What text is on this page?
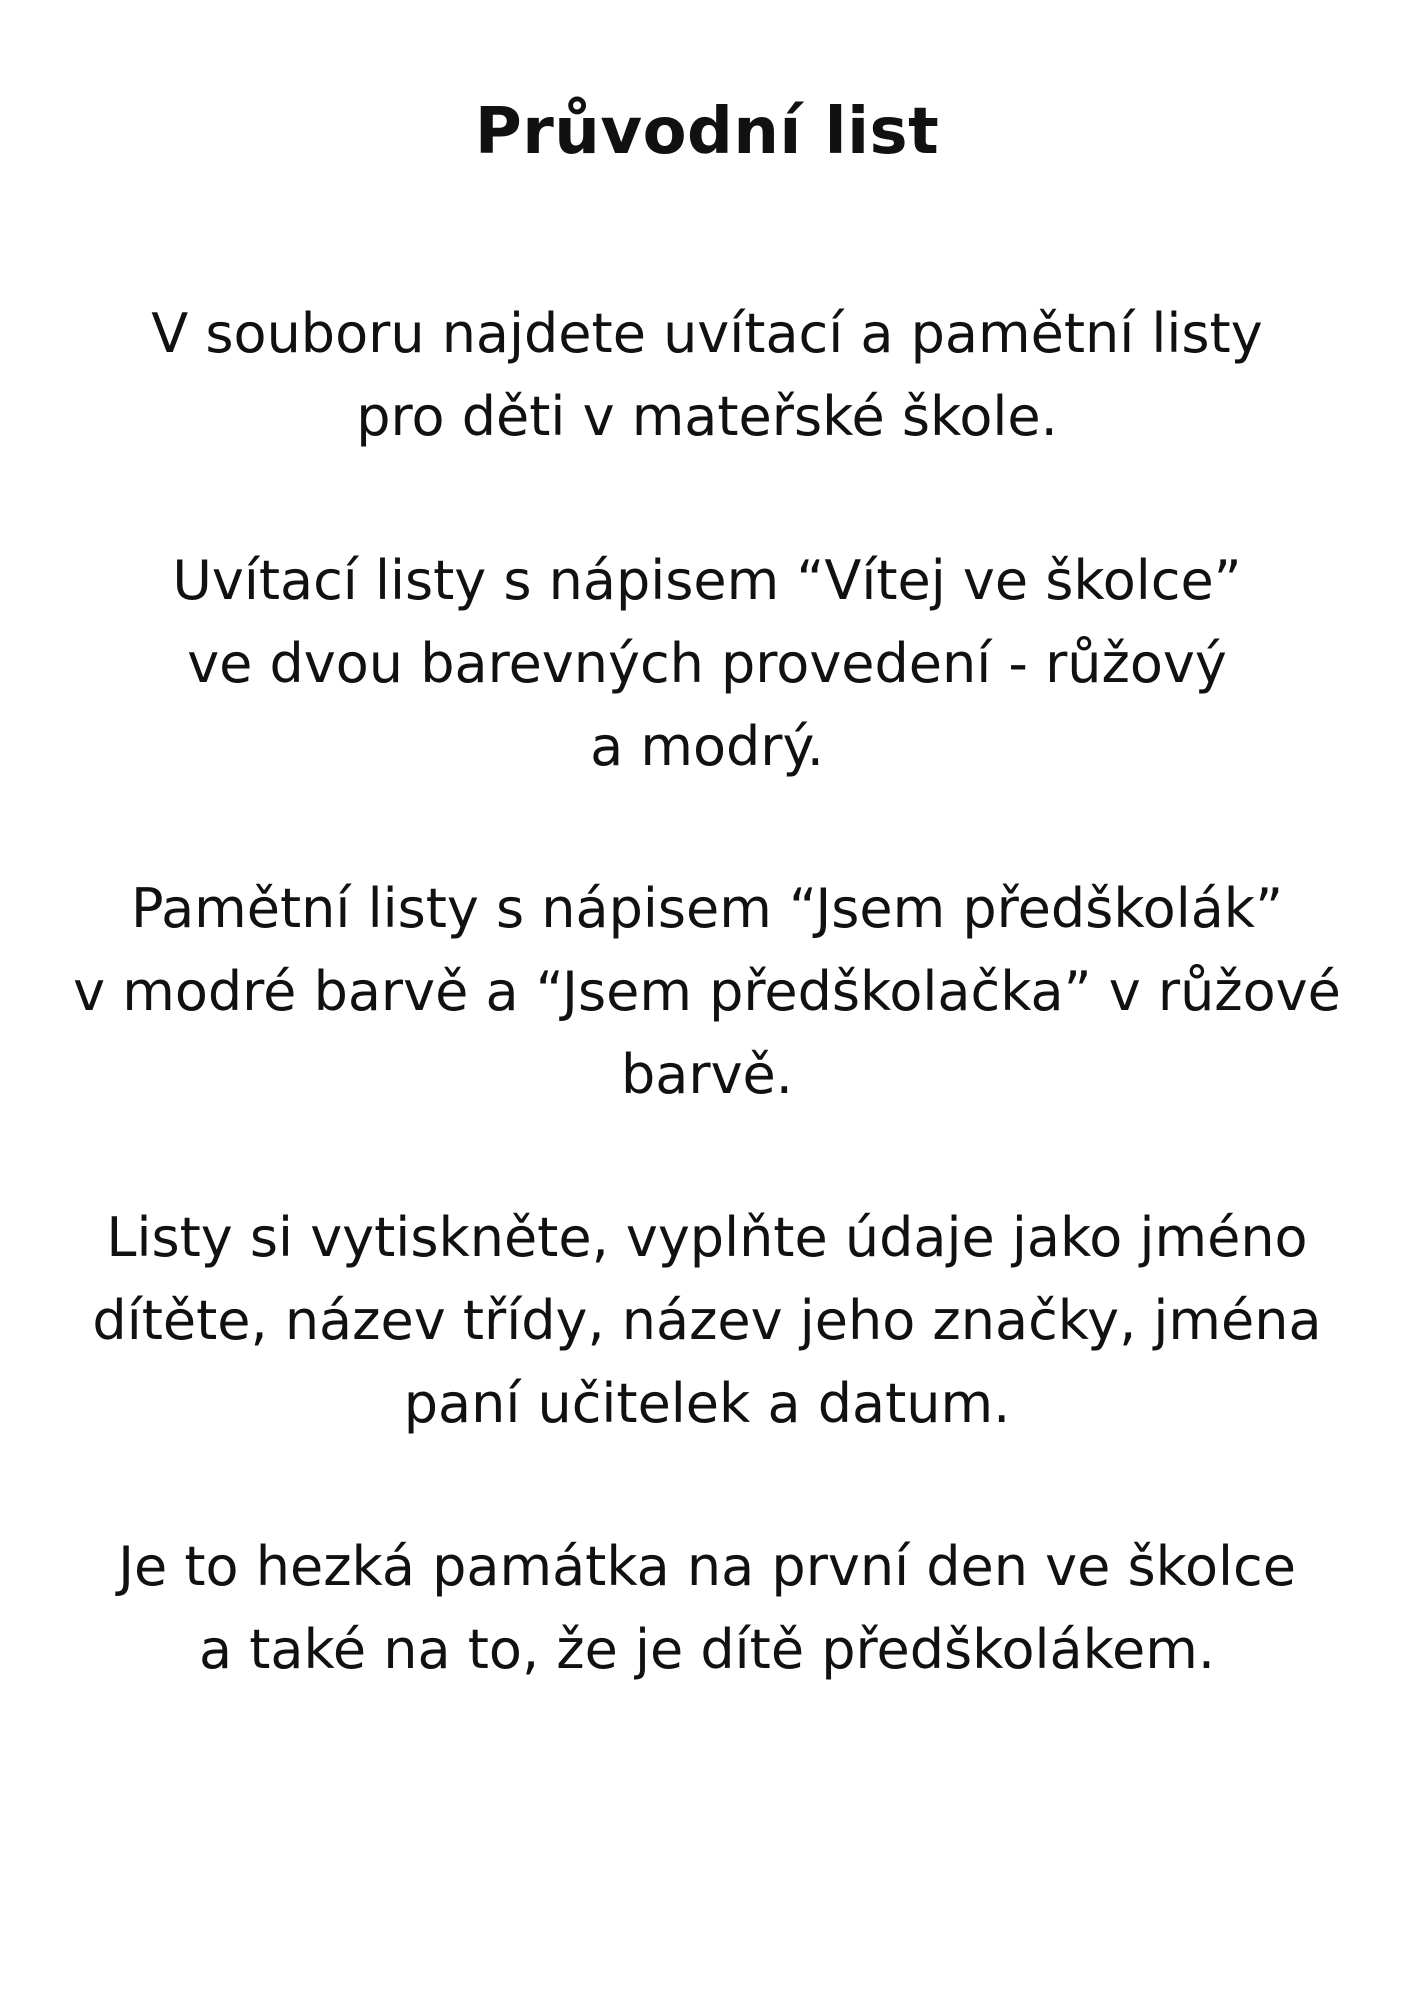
Průvodní list
V souboru najdete uvítací a pamětní listy
pro děti v mateřské škole.
Uvítací listy s nápisem “Vítej ve školce”
ve dvou barevných provedení - růžový
a modrý.
Pamětní listy s nápisem “Jsem předškolák”
v modré barvě a “Jsem předškolačka” v růžové
barvě.
Listy si vytiskněte, vyplňte údaje jako jméno
dítěte, název třídy, název jeho značky, jména
paní učitelek a datum.
Je to hezká památka na první den ve školce
a také na to, že je dítě předškolákem.
